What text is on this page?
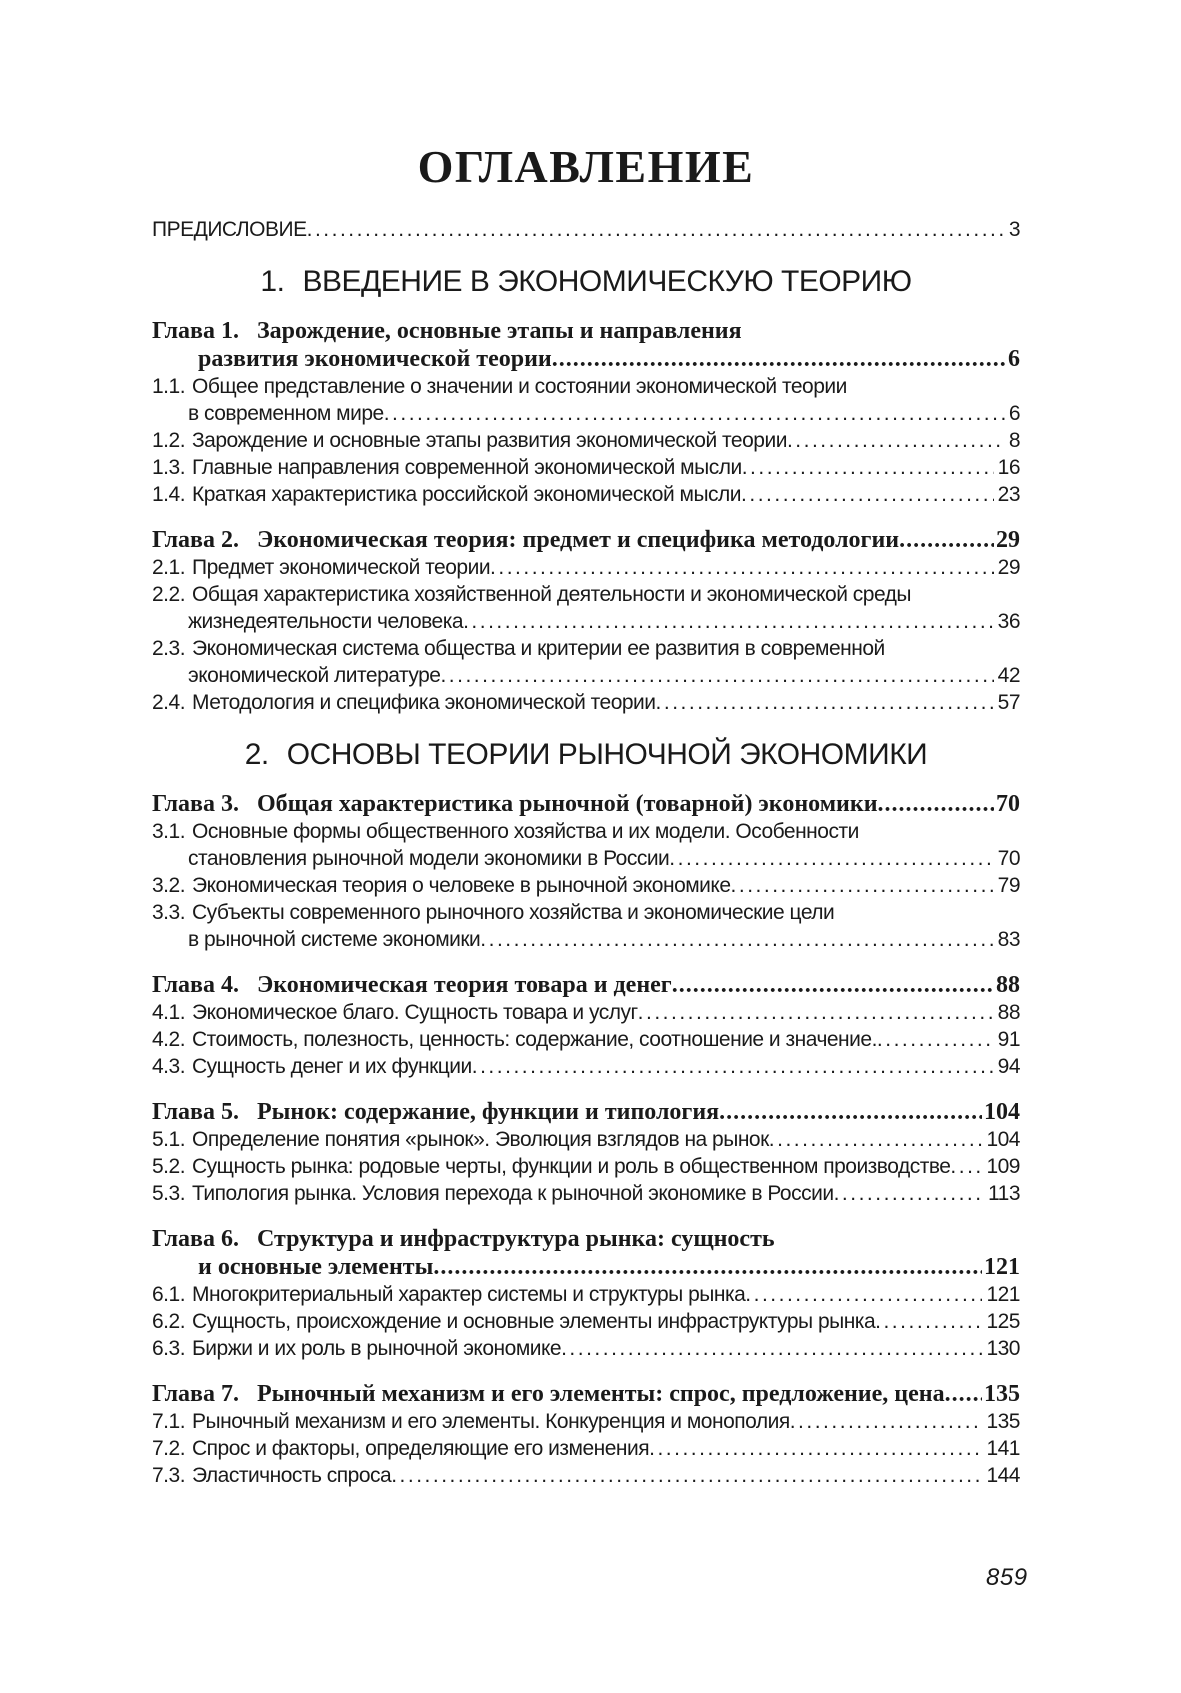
ОГЛАВЛЕНИЕ
ПРЕДИСЛОВИЕ .....	3
1. ВВЕДЕНИЕ В ЭКОНОМИЧЕСКУЮ ТЕОРИЮ
Глава 1. Зарождение, основные этапы и направления
развития экономической теории .....	6
1.1. Общее представление о значении и состоянии экономической теории
в современном мире .....	6
1.2. Зарождение и основные этапы развития экономической теории .....	8
1.3. Главные направления современной экономической мысли .....	16
1.4. Краткая характеристика российской экономической мысли .....	23
Глава 2. Экономическая теория: предмет и специфика методологии .....	29
2.1. Предмет экономической теории .....	29
2.2. Общая характеристика хозяйственной деятельности и экономической среды
жизнедеятельности человека .....	36
2.3. Экономическая система общества и критерии ее развития в современной
экономической литературе .....	42
2.4. Методология и специфика экономической теории .....	57
2. ОСНОВЫ ТЕОРИИ РЫНОЧНОЙ ЭКОНОМИКИ
Глава 3. Общая характеристика рыночной (товарной) экономики .....	70
3.1. Основные формы общественного хозяйства и их модели. Особенности
становления рыночной модели экономики в России .....	70
3.2. Экономическая теория о человеке в рыночной экономике .....	79
3.3. Субъекты современного рыночного хозяйства и экономические цели
в рыночной системе экономики .....	83
Глава 4. Экономическая теория товара и денег .....	88
4.1. Экономическое благо. Сущность товара и услуг .....	88
4.2. Стоимость, полезность, ценность: содержание, соотношение и значение. .....	91
4.3. Сущность денег и их функции .....	94
Глава 5. Рынок: содержание, функции и типология .....	104
5.1. Определение понятия «рынок». Эволюция взглядов на рынок .....	104
5.2. Сущность рынка: родовые черты, функции и роль в общественном производстве ..... 109
5.3. Типология рынка. Условия перехода к рыночной экономике в России .....	113
Глава 6. Структура и инфраструктура рынка: сущность
и основные элементы .....	121
6.1. Многокритериальный характер системы и структуры рынка .....	121
6.2. Сущность, происхождение и основные элементы инфраструктуры рынка .....	125
6.3. Биржи и их роль в рыночной экономике .....	130
Глава 7. Рыночный механизм и его элементы: спрос, предложение, цена ..... 135
7.1. Рыночный механизм и его элементы. Конкуренция и монополия .....	135
7.2. Спрос и факторы, определяющие его изменения .....	141
7.3. Эластичность спроса .....	144
859
